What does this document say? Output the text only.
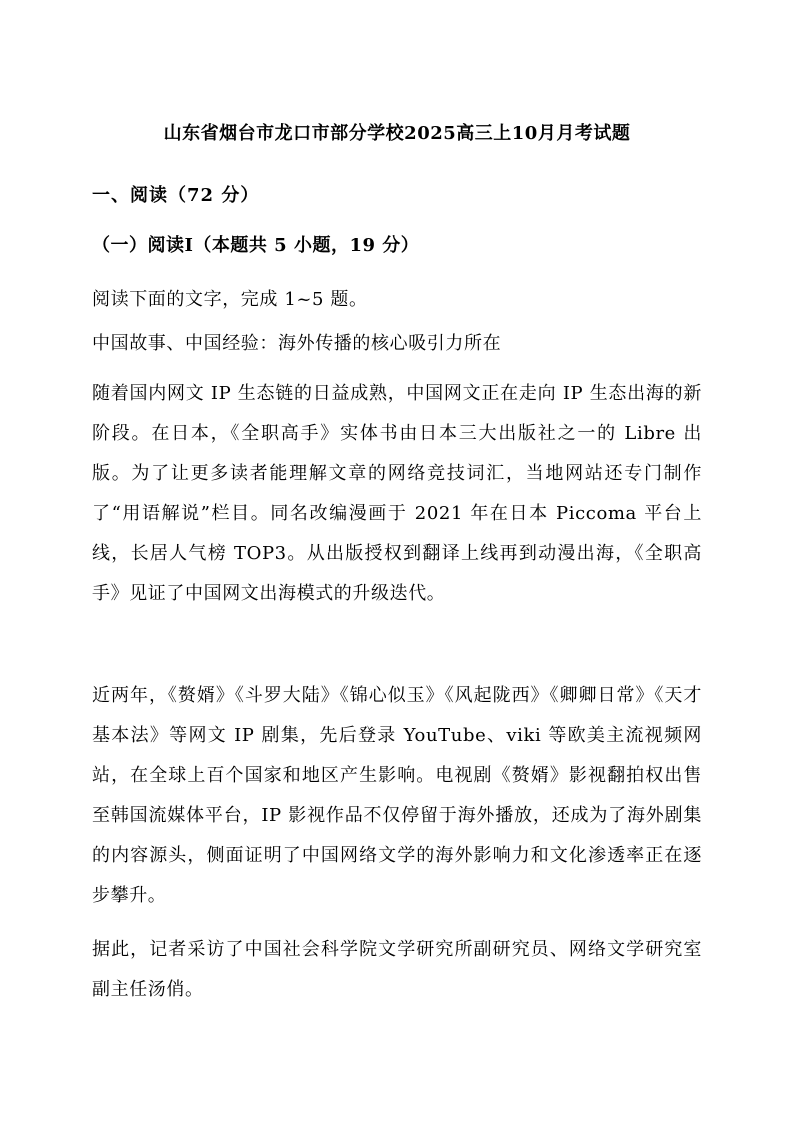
山东省烟台市龙口市部分学校2025高三上10月月考试题
一、阅读（72 分）
（一）阅读Ⅰ（本题共 5 小题，19 分）
阅读下面的文字，完成 1~5 题。
中国故事、中国经验：海外传播的核心吸引力所在
随着国内网文 IP 生态链的日益成熟，中国网文正在走向 IP 生态出海的新阶段。在日本，《全职高手》实体书由日本三大出版社之一的 Libre 出版。为了让更多读者能理解文章的网络竞技词汇，当地网站还专门制作了“用语解说”栏目。同名改编漫画于 2021 年在日本 Piccoma 平台上线，长居人气榜 TOP3。从出版授权到翻译上线再到动漫出海，《全职高手》见证了中国网文出海模式的升级迭代。
近两年，《赘婿》《斗罗大陆》《锦心似玉》《风起陇西》《卿卿日常》《天才基本法》等网文 IP 剧集，先后登录 YouTube、viki 等欧美主流视频网站，在全球上百个国家和地区产生影响。电视剧《赘婿》影视翻拍权出售至韩国流媒体平台，IP 影视作品不仅停留于海外播放，还成为了海外剧集的内容源头，侧面证明了中国网络文学的海外影响力和文化渗透率正在逐步攀升。
据此，记者采访了中国社会科学院文学研究所副研究员、网络文学研究室副主任汤俏。
